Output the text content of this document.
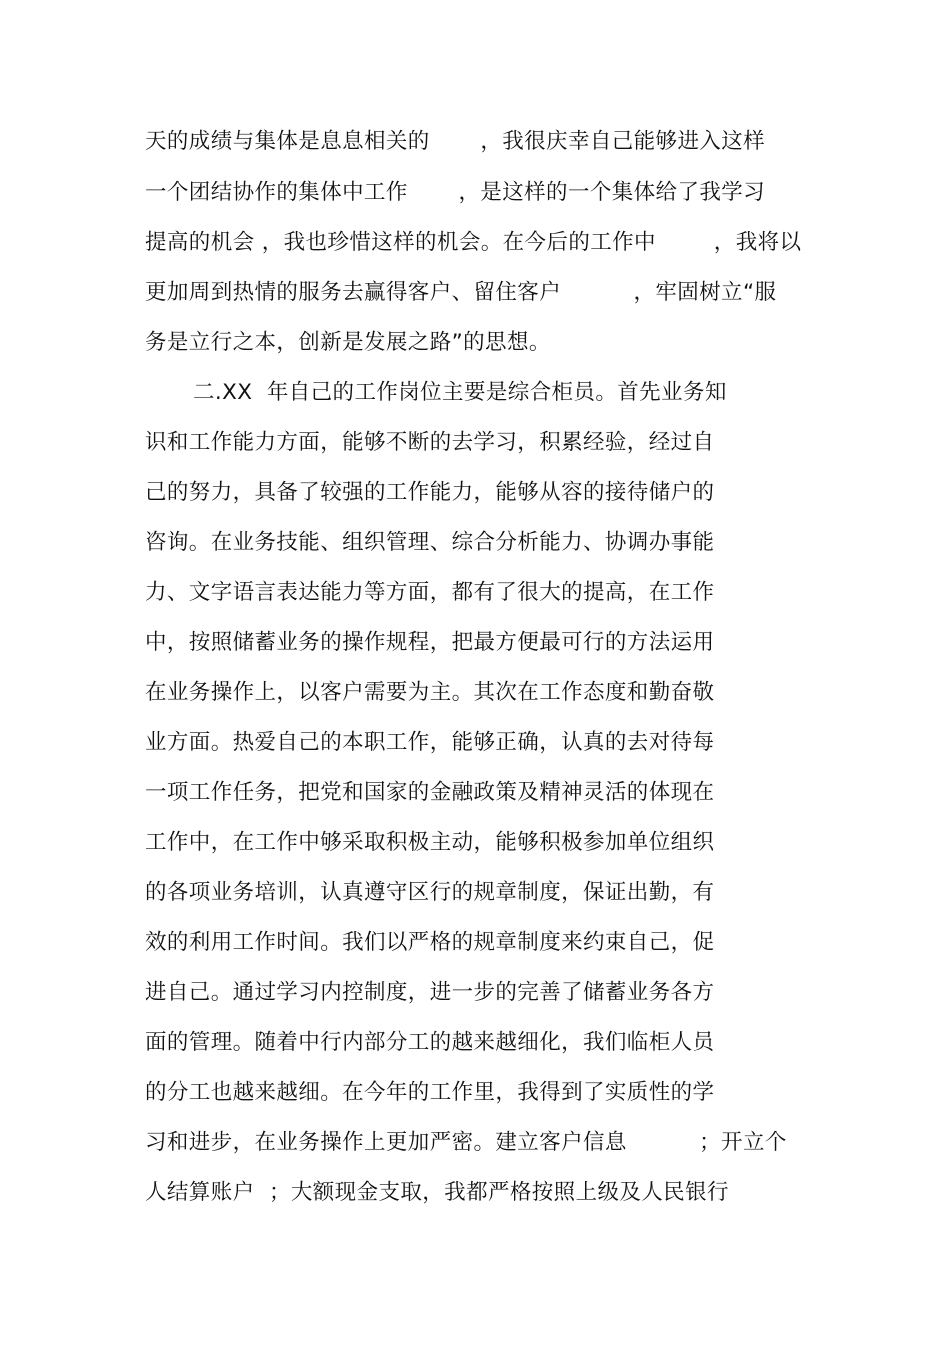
天的成绩与集体是息息相关的       ，我很庆幸自己能够进入这样
一个团结协作的集体中工作       ，是这样的一个集体给了我学习
提高的机会 ，我也珍惜这样的机会。在今后的工作中        ，我将以
更加周到热情的服务去赢得客户、留住客户          ，牢固树立“服
务是立行之本，创新是发展之路”的思想。
二.XX  年自己的工作岗位主要是综合柜员。首先业务知
识和工作能力方面，能够不断的去学习，积累经验，经过自
己的努力，具备了较强的工作能力，能够从容的接待储户的
咨询。在业务技能、组织管理、综合分析能力、协调办事能
力、文字语言表达能力等方面，都有了很大的提高，在工作
中，按照储蓄业务的操作规程，把最方便最可行的方法运用
在业务操作上，以客户需要为主。其次在工作态度和勤奋敬
业方面。热爱自己的本职工作，能够正确，认真的去对待每
一项工作任务，把党和国家的金融政策及精神灵活的体现在
工作中，在工作中够采取积极主动，能够积极参加单位组织
的各项业务培训，认真遵守区行的规章制度，保证出勤，有
效的利用工作时间。我们以严格的规章制度来约束自己，促
进自己。通过学习内控制度，进一步的完善了储蓄业务各方
面的管理。随着中行内部分工的越来越细化，我们临柜人员
的分工也越来越细。在今年的工作里，我得到了实质性的学
习和进步，在业务操作上更加严密。建立客户信息          ；开立个
人结算账户  ；大额现金支取，我都严格按照上级及人民银行
